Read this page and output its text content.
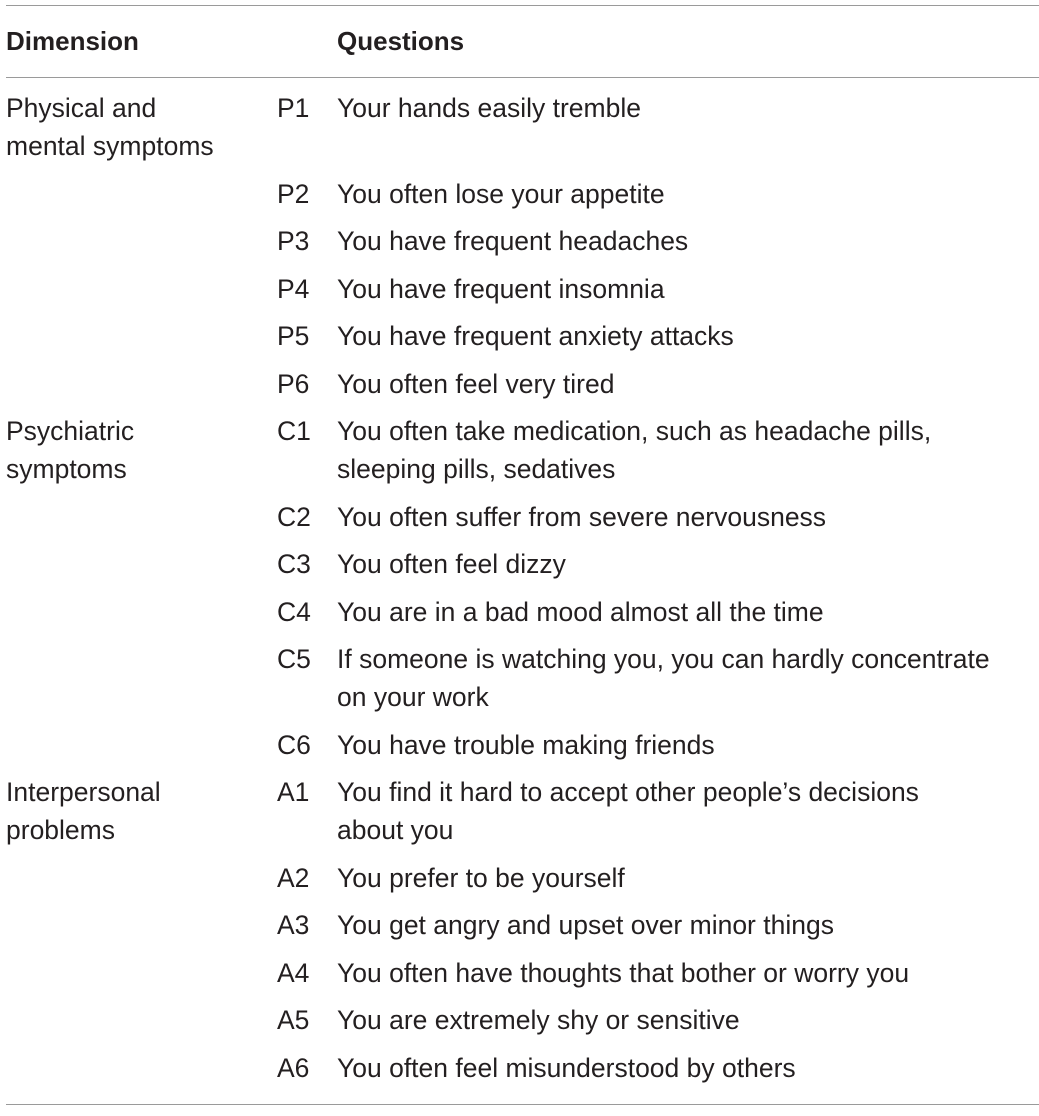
Dimension	Questions
Physical and
mental symptoms
P1	Your hands easily tremble
P2	You often lose your appetite
P3	You have frequent headaches
P4	You have frequent insomnia
P5	You have frequent anxiety attacks
P6	You often feel very tired
Psychiatric
symptoms
C1 You often take medication, such as headache pills,
sleeping pills, sedatives
C2 You often suffer from severe nervousness
C3 You often feel dizzy
C4 You are in a bad mood almost all the time
C5 If someone is watching you, you can hardly concentrate
on your work
C6 You have trouble making friends
Interpersonal
problems
A1	You find it hard to accept other people’s decisions
about you
A2	You prefer to be yourself
A3	You get angry and upset over minor things
A4	You often have thoughts that bother or worry you
A5	You are extremely shy or sensitive
A6	You often feel misunderstood by others
